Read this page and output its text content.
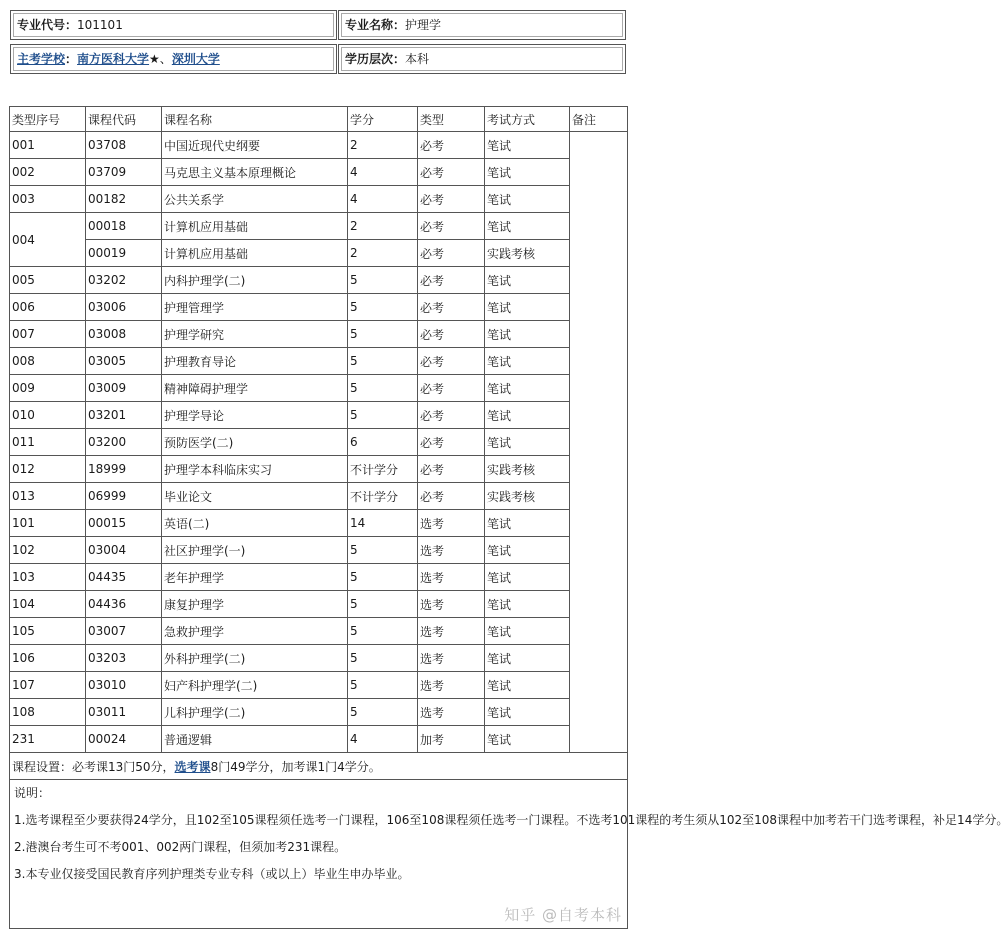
专业代号：101101	专业名称：护理学
主考学校：南方医科大学★、深圳大学	学历层次：本科
类型序号	课程代码	课程名称	学分	类型	考试方式	备注
001	03708	中国近现代史纲要	2	必考	笔试	
002	03709	马克思主义基本原理概论	4	必考	笔试	
003	00182	公共关系学	4	必考	笔试	
004	00018	计算机应用基础	2	必考	笔试	
	00019	计算机应用基础	2	必考	实践考核	
005	03202	内科护理学(二)	5	必考	笔试	
006	03006	护理管理学	5	必考	笔试	
007	03008	护理学研究	5	必考	笔试	
008	03005	护理教育导论	5	必考	笔试	
009	03009	精神障碍护理学	5	必考	笔试	
010	03201	护理学导论	5	必考	笔试	
011	03200	预防医学(二)	6	必考	笔试	
012	18999	护理学本科临床实习	不计学分	必考	实践考核	
013	06999	毕业论文	不计学分	必考	实践考核	
101	00015	英语(二)	14	选考	笔试	
102	03004	社区护理学(一)	5	选考	笔试	
103	04435	老年护理学	5	选考	笔试	
104	04436	康复护理学	5	选考	笔试	
105	03007	急救护理学	5	选考	笔试	
106	03203	外科护理学(二)	5	选考	笔试	
107	03010	妇产科护理学(二)	5	选考	笔试	
108	03011	儿科护理学(二)	5	选考	笔试	
231	00024	普通逻辑	4	加考	笔试	
课程设置：必考课13门50分，选考课8门49学分，加考课1门4学分。						

说明：
1.选考课程至少要获得24学分，且102至105课程须任选考一门课程，106至108课程须任选考一门课程。不选考101课程的考生须从102至108课程中加考若干门选考课程，补足14学分。
2.港澳台考生可不考001、002两门课程，但须加考231课程。
3.本专业仅接受国民教育序列护理类专业专科（或以上）毕业生申办毕业。						
知乎 @自考本科
